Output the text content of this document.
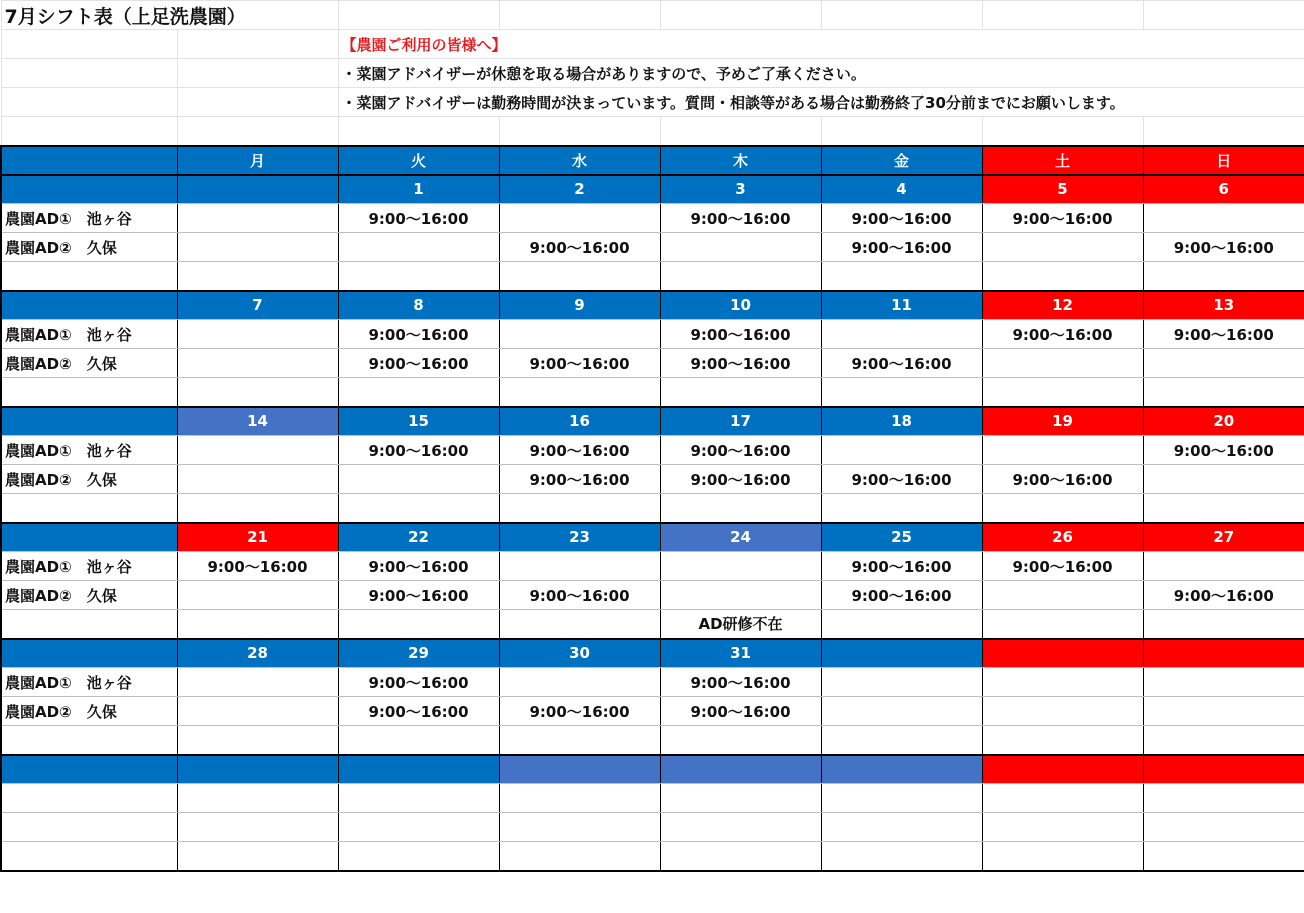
7月シフト表（上足洗農園）							
		【農園ご利用の皆様へ】					
		・菜園アドバイザーが休憩を取る場合がありますので、予めご了承ください。					
		・菜園アドバイザーは勤務時間が決まっています。質問・相談等がある場合は勤務終了30分前までにお願いします。					

	月	火	水	木	金	土	日
		1	2	3	4	5	6
農園AD①　池ヶ谷		9:00〜16:00		9:00〜16:00	9:00〜16:00	9:00〜16:00	
農園AD②　久保			9:00〜16:00		9:00〜16:00		9:00〜16:00

	7	8	9	10	11	12	13
農園AD①　池ヶ谷		9:00〜16:00		9:00〜16:00		9:00〜16:00	9:00〜16:00
農園AD②　久保		9:00〜16:00	9:00〜16:00	9:00〜16:00	9:00〜16:00		

	14	15	16	17	18	19	20
農園AD①　池ヶ谷		9:00〜16:00	9:00〜16:00	9:00〜16:00			9:00〜16:00
農園AD②　久保			9:00〜16:00	9:00〜16:00	9:00〜16:00	9:00〜16:00	

	21	22	23	24	25	26	27
農園AD①　池ヶ谷	9:00〜16:00	9:00〜16:00			9:00〜16:00	9:00〜16:00	
農園AD②　久保		9:00〜16:00	9:00〜16:00		9:00〜16:00		9:00〜16:00
				AD研修不在			
	28	29	30	31			
農園AD①　池ヶ谷		9:00〜16:00		9:00〜16:00			
農園AD②　久保		9:00〜16:00	9:00〜16:00	9:00〜16:00			
